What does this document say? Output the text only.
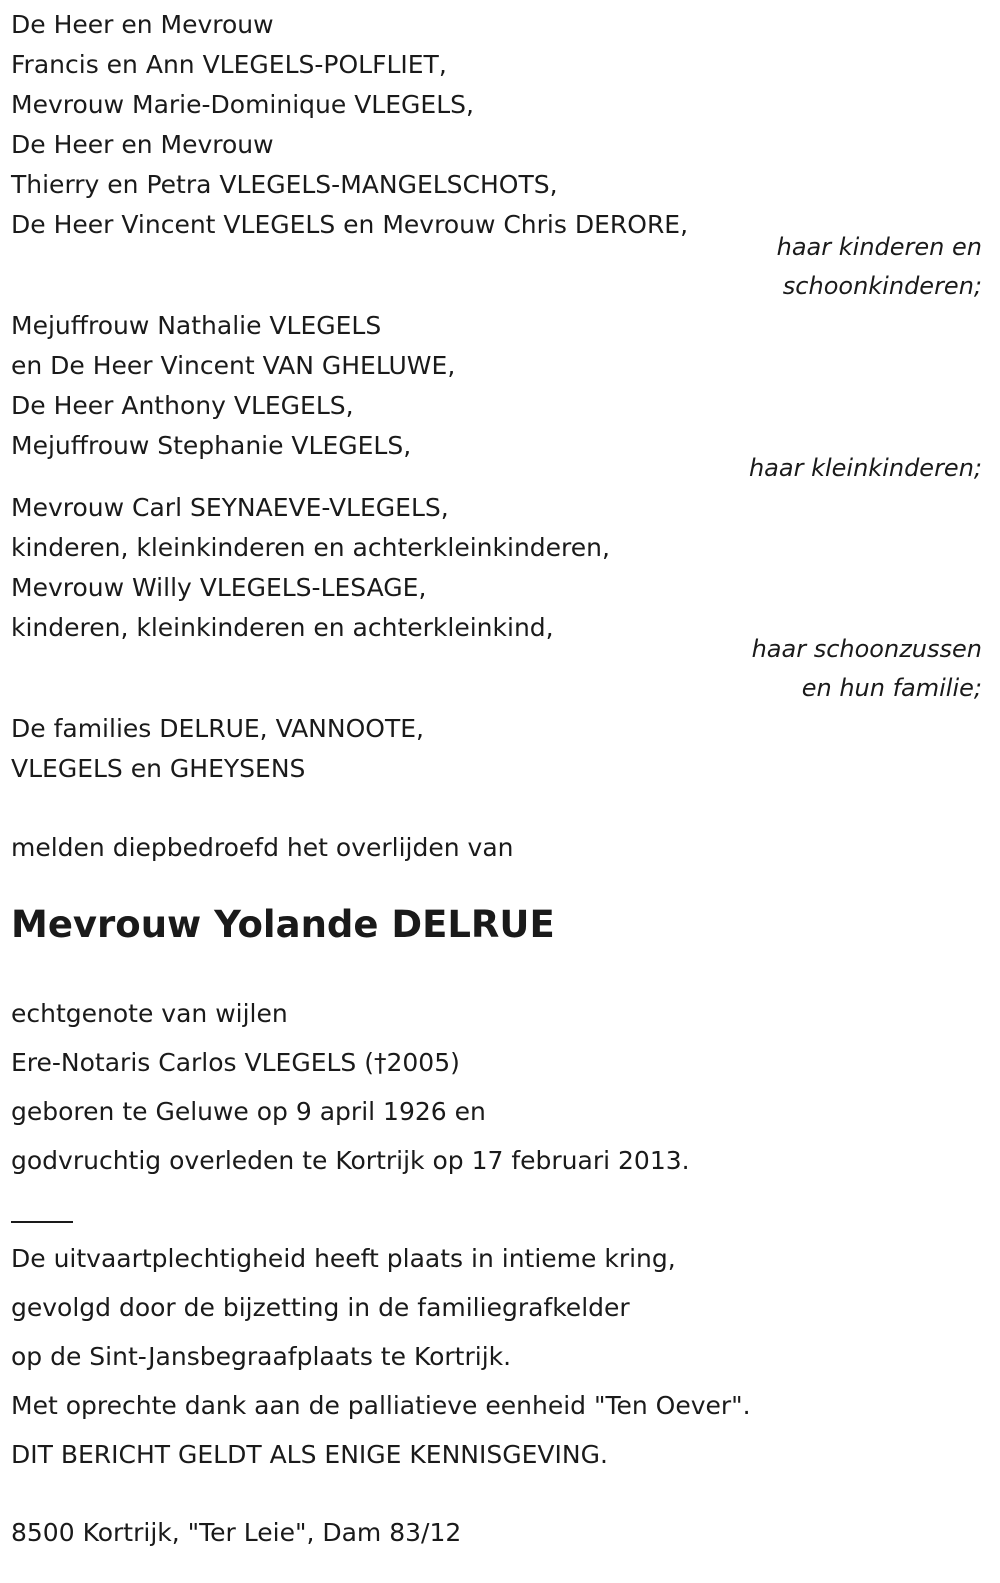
De Heer en Mevrouw
Francis en Ann VLEGELS-POLFLIET,
Mevrouw Marie-Dominique VLEGELS,
De Heer en Mevrouw
Thierry en Petra VLEGELS-MANGELSCHOTS,
De Heer Vincent VLEGELS en Mevrouw Chris DERORE,
haar kinderen en
schoonkinderen;
Mejuffrouw Nathalie VLEGELS
en De Heer Vincent VAN GHELUWE,
De Heer Anthony VLEGELS,
Mejuffrouw Stephanie VLEGELS,
haar kleinkinderen;
Mevrouw Carl SEYNAEVE-VLEGELS,
kinderen, kleinkinderen en achterkleinkinderen,
Mevrouw Willy VLEGELS-LESAGE,
kinderen, kleinkinderen en achterkleinkind,
haar schoonzussen
en hun familie;
De families DELRUE, VANNOOTE,
VLEGELS en GHEYSENS
melden diepbedroefd het overlijden van
Mevrouw Yolande DELRUE
echtgenote van wijlen
Ere-Notaris Carlos VLEGELS (†2005)
geboren te Geluwe op 9 april 1926 en
godvruchtig overleden te Kortrijk op 17 februari 2013.
De uitvaartplechtigheid heeft plaats in intieme kring,
gevolgd door de bijzetting in de familiegrafkelder
op de Sint-Jansbegraafplaats te Kortrijk.
Met oprechte dank aan de palliatieve eenheid "Ten Oever".
DIT BERICHT GELDT ALS ENIGE KENNISGEVING.
8500 Kortrijk, "Ter Leie", Dam 83/12
